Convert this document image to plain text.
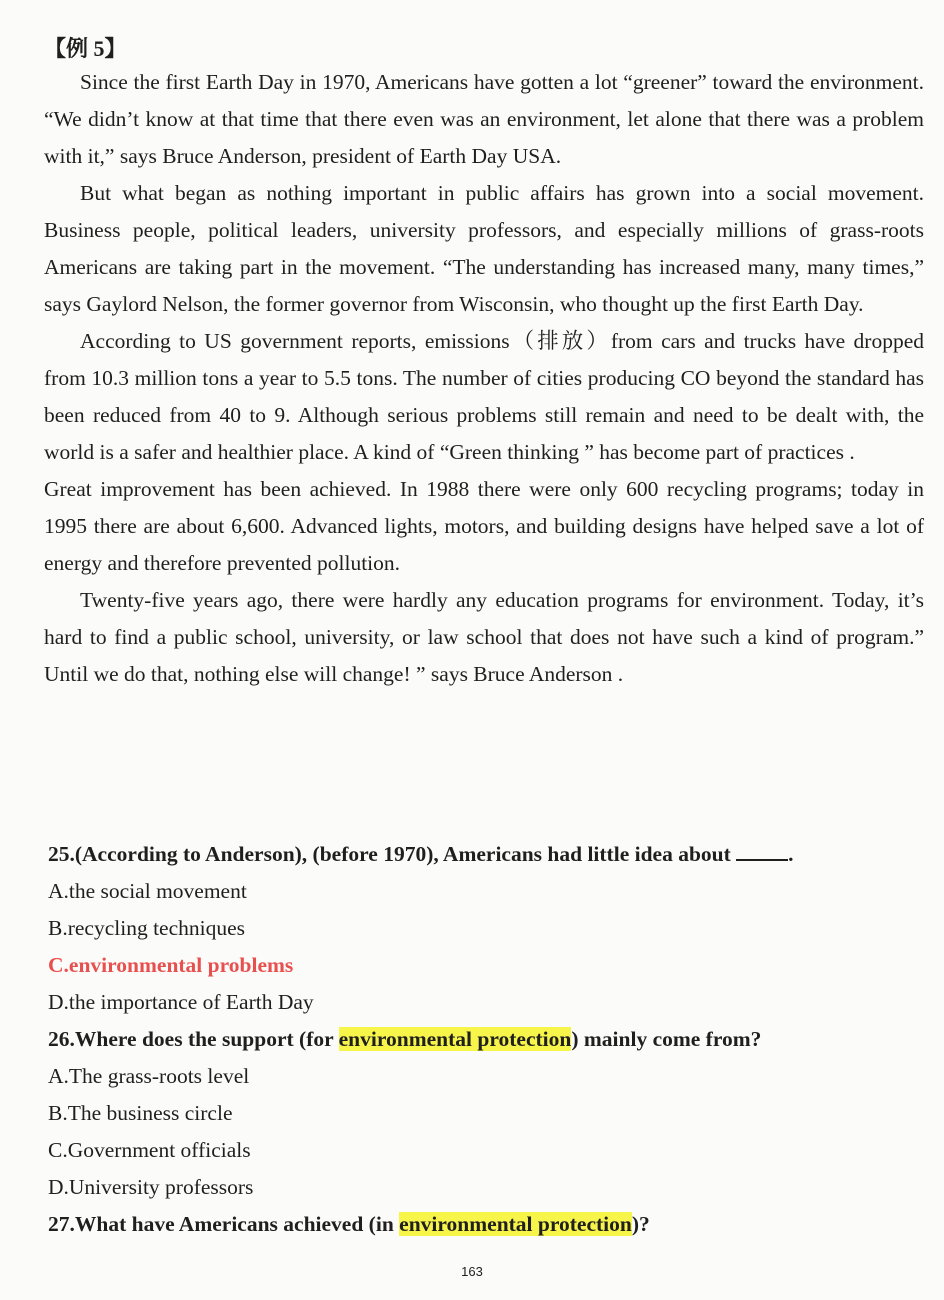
【例 5】

Since the first Earth Day in 1970, Americans have gotten a lot “greener” toward the environment. “We didn’t know at that time that there even was an environment, let alone that there was a problem with it,” says Bruce Anderson, president of Earth Day USA.

But what began as nothing important in public affairs has grown into a social movement. Business people, political leaders, university professors, and especially millions of grass-roots Americans are taking part in the movement. “The understanding has increased many, many times,” says Gaylord Nelson, the former governor from Wisconsin, who thought up the first Earth Day.

According to US government reports, emissions（排放）from cars and trucks have dropped from 10.3 million tons a year to 5.5 tons. The number of cities producing CO beyond the standard has been reduced from 40 to 9. Although serious problems still remain and need to be dealt with, the world is a safer and healthier place. A kind of “Green thinking ” has become part of practices .

Great improvement has been achieved. In 1988 there were only 600 recycling programs; today in 1995 there are about 6,600. Advanced lights, motors, and building designs have helped save a lot of energy and therefore prevented pollution.

Twenty-five years ago, there were hardly any education programs for environment. Today, it’s hard to find a public school, university, or law school that does not have such a kind of program.” Until we do that, nothing else will change! ” says Bruce Anderson .

25.(According to Anderson), (before 1970), Americans had little idea about	.

A.the social movement

B.recycling techniques

C.environmental problems

D.the importance of Earth Day

26.Where does the support (for environmental protection) mainly come from?

A.The grass-roots level

B.The business circle

C.Government officials

D.University professors

27.What have Americans achieved (in environmental protection)?

163
